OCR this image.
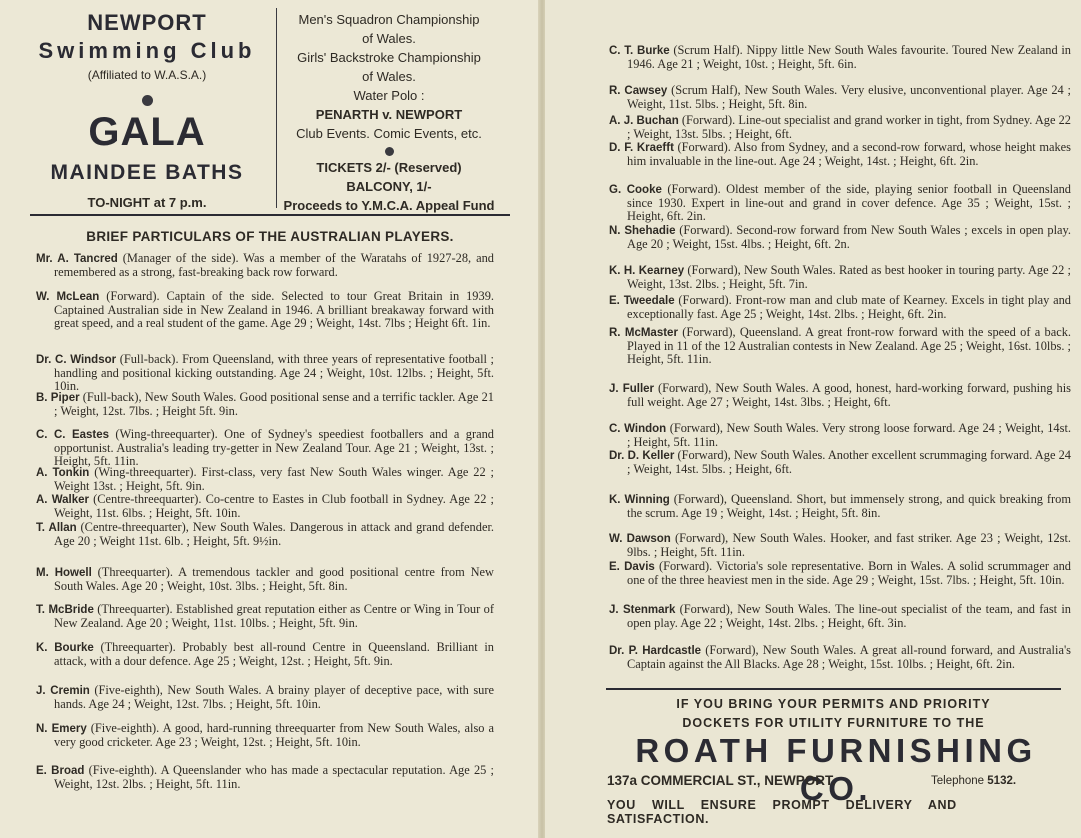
NEWPORT
Swimming Club
(Affiliated to W.A.S.A.)
GALA
MAINDEE BATHS
TO-NIGHT at 7 p.m.
Men's Squadron Championship
of Wales.
Girls' Backstroke Championship
of Wales.
Water Polo :
PENARTH v. NEWPORT
Club Events. Comic Events, etc.
TICKETS 2/- (Reserved)
BALCONY, 1/-
Proceeds to Y.M.C.A. Appeal Fund
BRIEF PARTICULARS OF THE AUSTRALIAN PLAYERS.
Mr. A. Tancred (Manager of the side). Was a member of the Waratahs of 1927-28, and remembered as a strong, fast-breaking back row forward.
W. McLean (Forward). Captain of the side. Selected to tour Great Britain in 1939. Captained Australian side in New Zealand in 1946. A brilliant breakaway forward with great speed, and a real student of the game. Age 29 ; Weight, 14st. 7lbs ; Height 6ft. 1in.
Dr. C. Windsor (Full-back). From Queensland, with three years of representative football ; handling and positional kicking outstanding. Age 24 ; Weight, 10st. 12lbs. ; Height, 5ft. 10in.
B. Piper (Full-back), New South Wales. Good positional sense and a terrific tackler. Age 21 ; Weight, 12st. 7lbs. ; Height 5ft. 9in.
C. C. Eastes (Wing-threequarter). One of Sydney's speediest footballers and a grand opportunist. Australia's leading try-getter in New Zealand Tour. Age 21 ; Weight, 13st. ; Height, 5ft. 11in.
A. Tonkin (Wing-threequarter). First-class, very fast New South Wales winger. Age 22 ; Weight 13st. ; Height, 5ft. 9in.
A. Walker (Centre-threequarter). Co-centre to Eastes in Club football in Sydney. Age 22 ; Weight, 11st. 6lbs. ; Height, 5ft. 10in.
T. Allan (Centre-threequarter), New South Wales. Dangerous in attack and grand defender. Age 20 ; Weight 11st. 6lb. ; Height, 5ft. 9½in.
M. Howell (Threequarter). A tremendous tackler and good positional centre from New South Wales. Age 20 ; Weight, 10st. 3lbs. ; Height, 5ft. 8in.
T. McBride (Threequarter). Established great reputation either as Centre or Wing in Tour of New Zealand. Age 20 ; Weight, 11st. 10lbs. ; Height, 5ft. 9in.
K. Bourke (Threequarter). Probably best all-round Centre in Queensland. Brilliant in attack, with a dour defence. Age 25 ; Weight, 12st. ; Height, 5ft. 9in.
J. Cremin (Five-eighth), New South Wales. A brainy player of deceptive pace, with sure hands. Age 24 ; Weight, 12st. 7lbs. ; Height, 5ft. 10in.
N. Emery (Five-eighth). A good, hard-running threequarter from New South Wales, also a very good cricketer. Age 23 ; Weight, 12st. ; Height, 5ft. 10in.
E. Broad (Five-eighth). A Queenslander who has made a spectacular reputation. Age 25 ; Weight, 12st. 2lbs. ; Height, 5ft. 11in.
C. T. Burke (Scrum Half). Nippy little New South Wales favourite. Toured New Zealand in 1946. Age 21 ; Weight, 10st. ; Height, 5ft. 6in.
R. Cawsey (Scrum Half), New South Wales. Very elusive, unconventional player. Age 24 ; Weight, 11st. 5lbs. ; Height, 5ft. 8in.
A. J. Buchan (Forward). Line-out specialist and grand worker in tight, from Sydney. Age 22 ; Weight, 13st. 5lbs. ; Height, 6ft.
D. F. Kraefft (Forward). Also from Sydney, and a second-row forward, whose height makes him invaluable in the line-out. Age 24 ; Weight, 14st. ; Height, 6ft. 2in.
G. Cooke (Forward). Oldest member of the side, playing senior football in Queensland since 1930. Expert in line-out and grand in cover defence. Age 35 ; Weight, 15st. ; Height, 6ft. 2in.
N. Shehadie (Forward). Second-row forward from New South Wales ; excels in open play. Age 20 ; Weight, 15st. 4lbs. ; Height, 6ft. 2n.
K. H. Kearney (Forward), New South Wales. Rated as best hooker in touring party. Age 22 ; Weight, 13st. 2lbs. ; Height, 5ft. 7in.
E. Tweedale (Forward). Front-row man and club mate of Kearney. Excels in tight play and exceptionally fast. Age 25 ; Weight, 14st. 2lbs. ; Height, 6ft. 2in.
R. McMaster (Forward), Queensland. A great front-row forward with the speed of a back. Played in 11 of the 12 Australian contests in New Zealand. Age 25 ; Weight, 16st. 10lbs. ; Height, 5ft. 11in.
J. Fuller (Forward), New South Wales. A good, honest, hard-working forward, pushing his full weight. Age 27 ; Weight, 14st. 3lbs. ; Height, 6ft.
C. Windon (Forward), New South Wales. Very strong loose forward. Age 24 ; Weight, 14st. ; Height, 5ft. 11in.
Dr. D. Keller (Forward), New South Wales. Another excellent scrummaging forward. Age 24 ; Weight, 14st. 5lbs. ; Height, 6ft.
K. Winning (Forward), Queensland. Short, but immensely strong, and quick breaking from the scrum. Age 19 ; Weight, 14st. ; Height, 5ft. 8in.
W. Dawson (Forward), New South Wales. Hooker, and fast striker. Age 23 ; Weight, 12st. 9lbs. ; Height, 5ft. 11in.
E. Davis (Forward). Victoria's sole representative. Born in Wales. A solid scrummager and one of the three heaviest men in the side. Age 29 ; Weight, 15st. 7lbs. ; Height, 5ft. 10in.
J. Stenmark (Forward), New South Wales. The line-out specialist of the team, and fast in open play. Age 22 ; Weight, 14st. 2lbs. ; Height, 6ft. 3in.
Dr. P. Hardcastle (Forward), New South Wales. A great all-round forward, and Australia's Captain against the All Blacks. Age 28 ; Weight, 15st. 10lbs. ; Height, 6ft. 2in.
IF YOU BRING YOUR PERMITS AND PRIORITY
DOCKETS FOR UTILITY FURNITURE TO THE
ROATH FURNISHING CO.
137a COMMERCIAL ST., NEWPORT.	Telephone 5132.
YOU WILL ENSURE PROMPT DELIVERY AND SATISFACTION.
